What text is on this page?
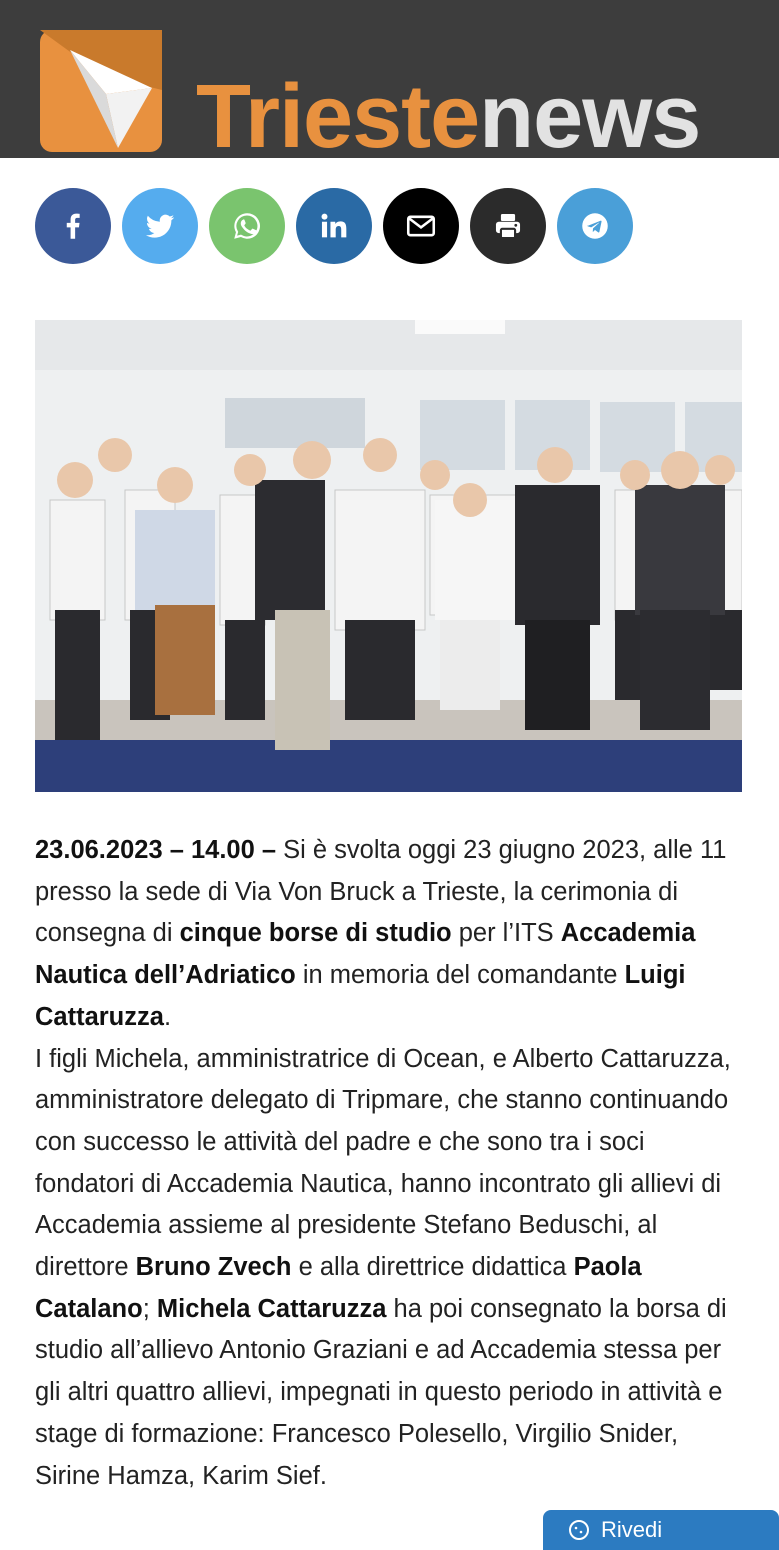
Triestenews

23.06.2023 – 14.00 – Si è svolta oggi 23 giugno 2023, alle 11 presso la sede di Via Von Bruck a Trieste, la cerimonia di consegna di cinque borse di studio per l’ITS Accademia Nautica dell’Adriatico in memoria del comandante Luigi Cattaruzza.

I figli Michela, amministratrice di Ocean, e Alberto Cattaruzza, amministratore delegato di Tripmare, che stanno continuando con successo le attività del padre e che sono tra i soci fondatori di Accademia Nautica, hanno incontrato gli allievi di Accademia assieme al presidente Stefano Beduschi, al direttore Bruno Zvech e alla direttrice didattica Paola Catalano; Michela Cattaruzza ha poi consegnato la borsa di studio all’allievo Antonio Graziani e ad Accademia stessa per gli altri quattro allievi, impegnati in questo periodo in attività e stage di formazione: Francesco Polesello, Virgilio Snider, Sirine Hamza, Karim Sief.

Rivedi
